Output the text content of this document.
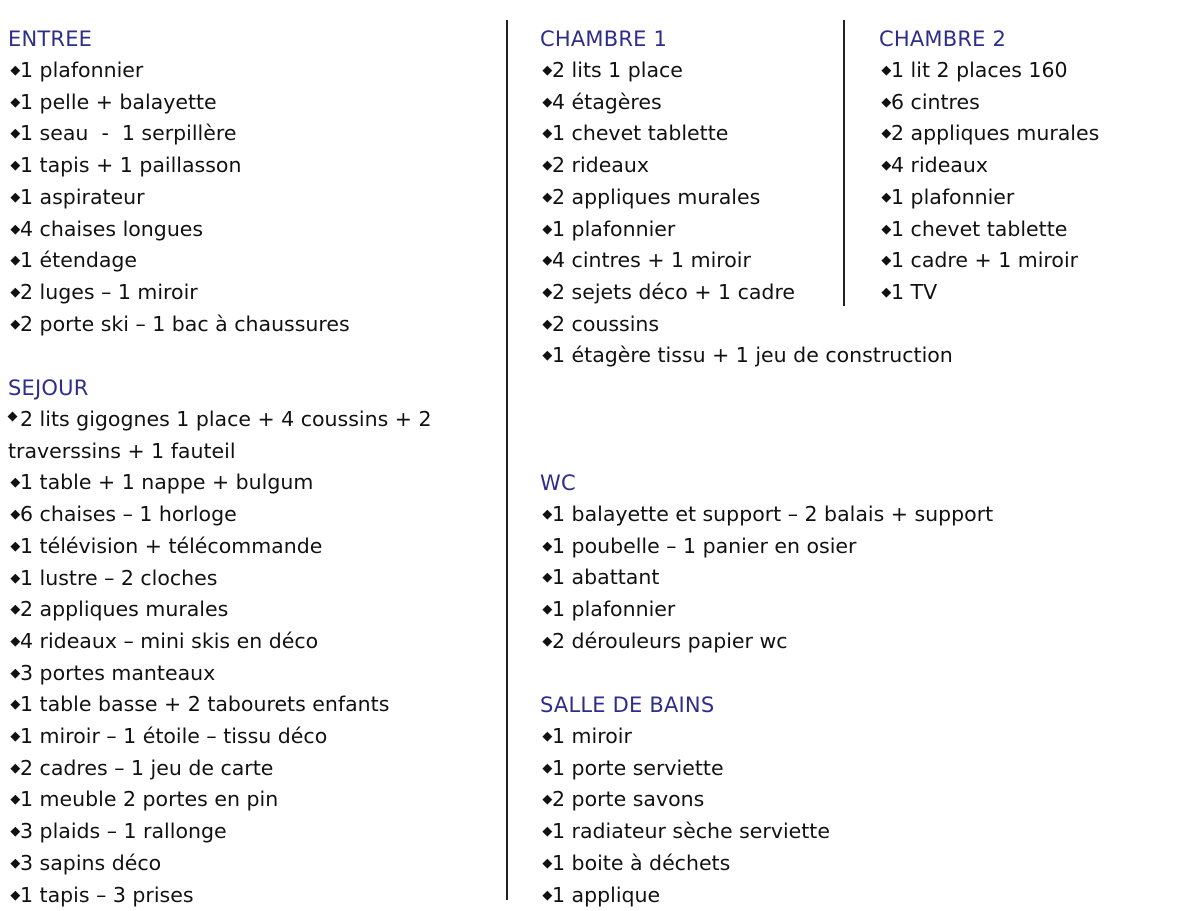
ENTREE
1 plafonnier
1 pelle + balayette
1 seau  -  1 serpillère
1 tapis + 1 paillasson
1 aspirateur
4 chaises longues
1 étendage
2 luges – 1 miroir
2 porte ski – 1 bac à chaussures
SEJOUR
2 lits gigognes 1 place + 4 coussins + 2 traverssins + 1 fauteil
1 table + 1 nappe + bulgum
6 chaises – 1 horloge
1 télévision + télécommande
1 lustre – 2 cloches
2 appliques murales
4 rideaux – mini skis en déco
3 portes manteaux
1 table basse + 2 tabourets enfants
1 miroir – 1 étoile – tissu déco
2 cadres – 1 jeu de carte
1 meuble 2 portes en pin
3 plaids – 1 rallonge
3 sapins déco
1 tapis – 3 prises
CHAMBRE 1
2 lits 1 place
4 étagères
1 chevet tablette
2 rideaux
2 appliques murales
1 plafonnier
4 cintres + 1 miroir
2 sejets déco + 1 cadre
2 coussins
1 étagère tissu + 1 jeu de construction
CHAMBRE 2
1 lit 2 places 160
6 cintres
2 appliques murales
4 rideaux
1 plafonnier
1 chevet tablette
1 cadre + 1 miroir
1 TV
WC
1 balayette et support – 2 balais + support
1 poubelle – 1 panier en osier
1 abattant
1 plafonnier
2 dérouleurs papier wc
SALLE DE BAINS
1 miroir
1 porte serviette
2 porte savons
1 radiateur sèche serviette
1 boite à déchets
1 applique
